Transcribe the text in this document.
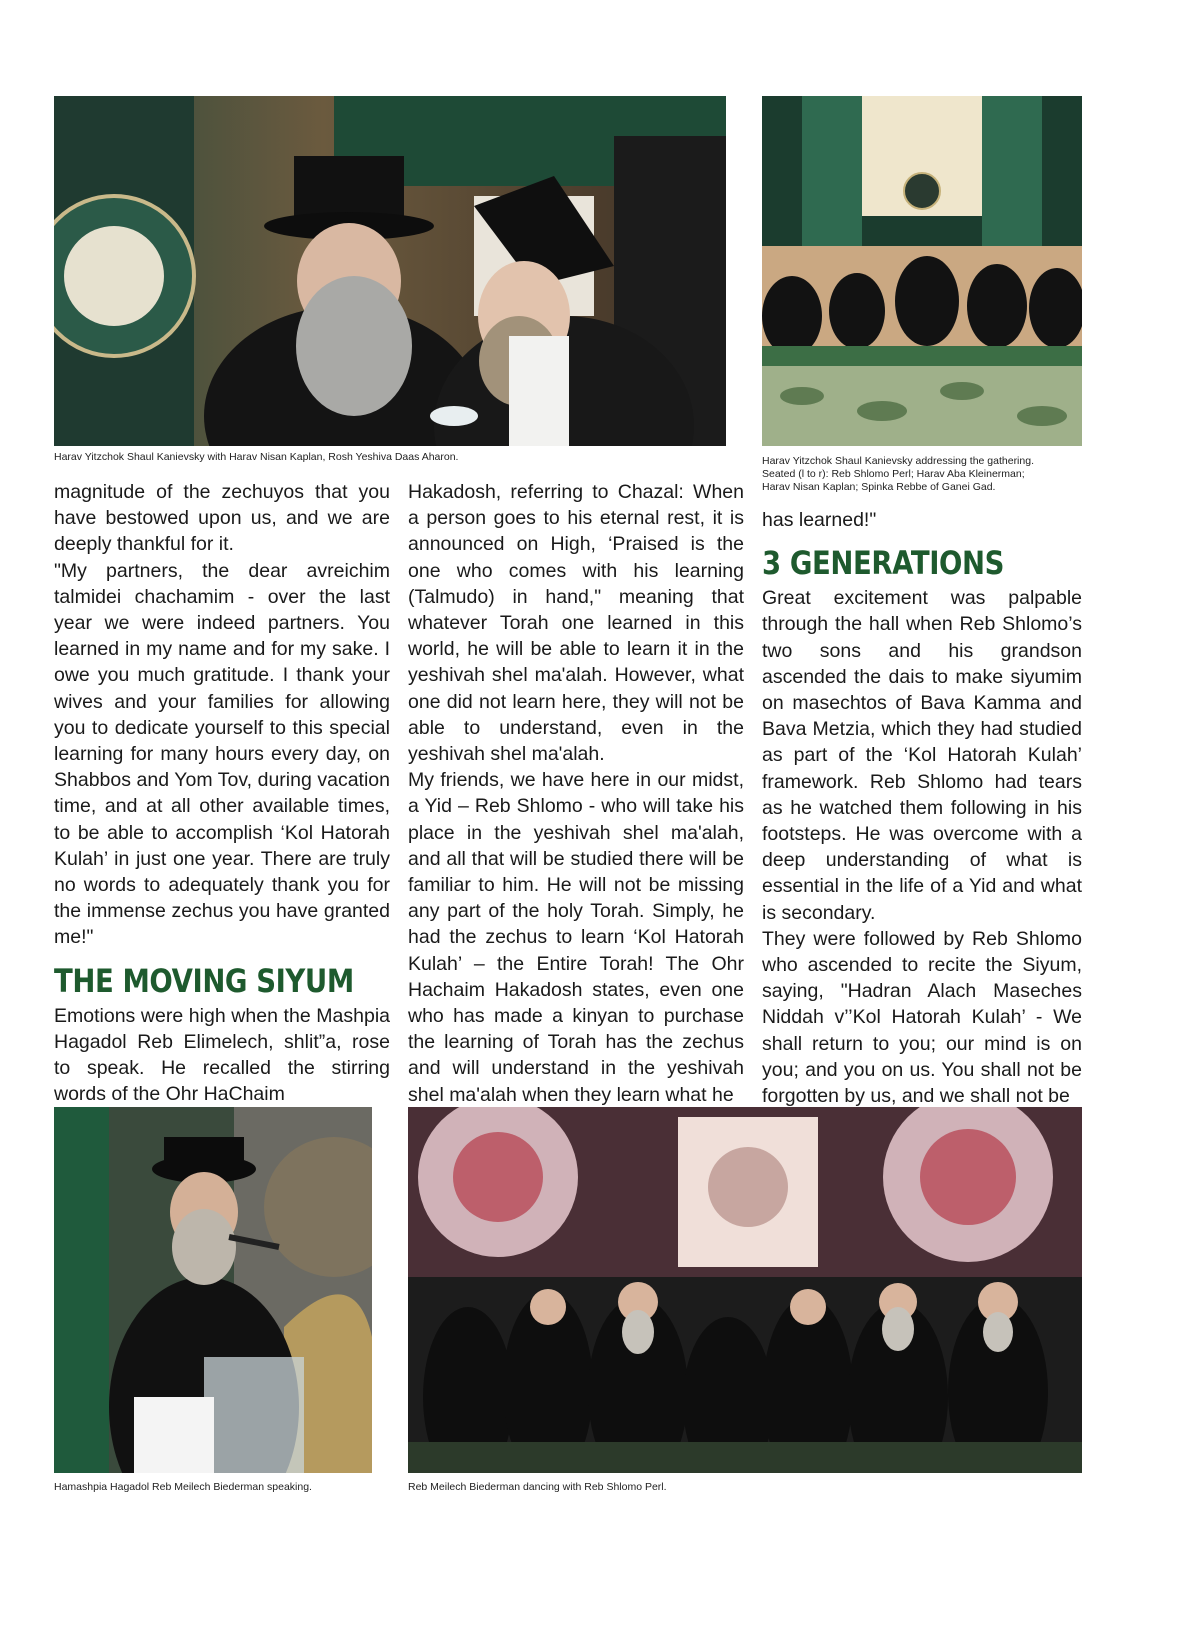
Harav Yitzchok Shaul Kanievsky with Harav Nisan Kaplan, Rosh Yeshiva Daas Aharon.	Harav Yitzchok Shaul Kanievsky addressing the gathering.
Seated (l to r): Reb Shlomo Perl; Harav Aba Kleinerman;
Harav Nisan Kaplan; Spinka Rebbe of Ganei Gad.

magnitude of the zechuyos that you have bestowed upon us, and we are deeply thankful for it.

"My partners, the dear avreichim talmidei chachamim - over the last year we were indeed partners. You learned in my name and for my sake. I owe you much gratitude. I thank your wives and your families for allowing you to dedicate yourself to this special learning for many hours every day, on Shabbos and Yom Tov, during vacation time, and at all other available times, to be able to accomplish ‘Kol Hatorah Kulah’ in just one year. There are truly no words to adequately thank you for the immense zechus you have granted me!"

THE MOVING SIYUM

Emotions were high when the Mashpia Hagadol Reb Elimelech, shlit”a, rose to speak. He recalled the stirring words of the Ohr HaChaim

Hakadosh, referring to Chazal: When a person goes to his eternal rest, it is announced on High, ‘Praised is the one who comes with his learning (Talmudo) in hand," meaning that whatever Torah one learned in this world, he will be able to learn it in the yeshivah shel ma'alah. However, what one did not learn here, they will not be able to understand, even in the yeshivah shel ma'alah.

My friends, we have here in our midst, a Yid – Reb Shlomo - who will take his place in the yeshivah shel ma'alah, and all that will be studied there will be familiar to him. He will not be missing any part of the holy Torah. Simply, he had the zechus to learn ‘Kol Hatorah Kulah’ – the Entire Torah! The Ohr Hachaim Hakadosh states, even one who has made a kinyan to purchase the learning of Torah has the zechus and will understand in the yeshivah shel ma'alah when they learn what he

has learned!"

3 GENERATIONS

Great excitement was palpable through the hall when Reb Shlomo’s two sons and his grandson ascended the dais to make siyumim on masechtos of Bava Kamma and Bava Metzia, which they had studied as part of the ‘Kol Hatorah Kulah’ framework. Reb Shlomo had tears as he watched them following in his footsteps. He was overcome with a deep understanding of what is essential in the life of a Yid and what is secondary.

They were followed by Reb Shlomo who ascended to recite the Siyum, saying, "Hadran Alach Maseches Niddah v’’Kol Hatorah Kulah’ - We shall return to you; our mind is on you; and you on us. You shall not be forgotten by us, and we shall not be

Hamashpia Hagadol Reb Meilech Biederman speaking.	Reb Meilech Biederman dancing with Reb Shlomo Perl.
